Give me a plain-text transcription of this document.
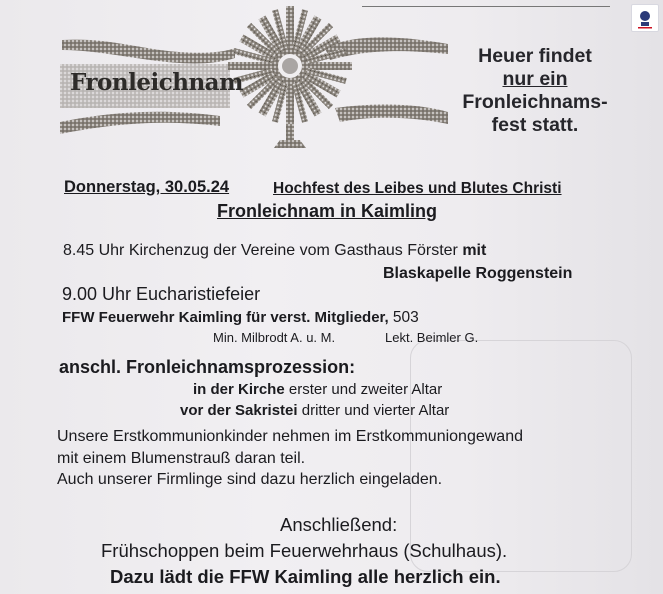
Fronleichnam
Heuer findet
nur ein
Fronleichnams-
fest statt.
Donnerstag, 30.05.24	Hochfest des Leibes und Blutes Christi
Fronleichnam in Kaimling
8.45 Uhr Kirchenzug der Vereine vom Gasthaus Förster mit
Blaskapelle Roggenstein
9.00 Uhr Eucharistiefeier
FFW Feuerwehr Kaimling für verst. Mitglieder, 503
Min. Milbrodt A. u. M.	Lekt. Beimler G.
anschl. Fronleichnamsprozession:
in der Kirche erster und zweiter Altar
vor der Sakristei dritter und vierter Altar
Unsere Erstkommunionkinder nehmen im Erstkommuniongewand
mit einem Blumenstrauß daran teil.
Auch unserer Firmlinge sind dazu herzlich eingeladen.
Anschließend:
Frühschoppen beim Feuerwehrhaus (Schulhaus).
Dazu lädt die FFW Kaimling alle herzlich ein.
